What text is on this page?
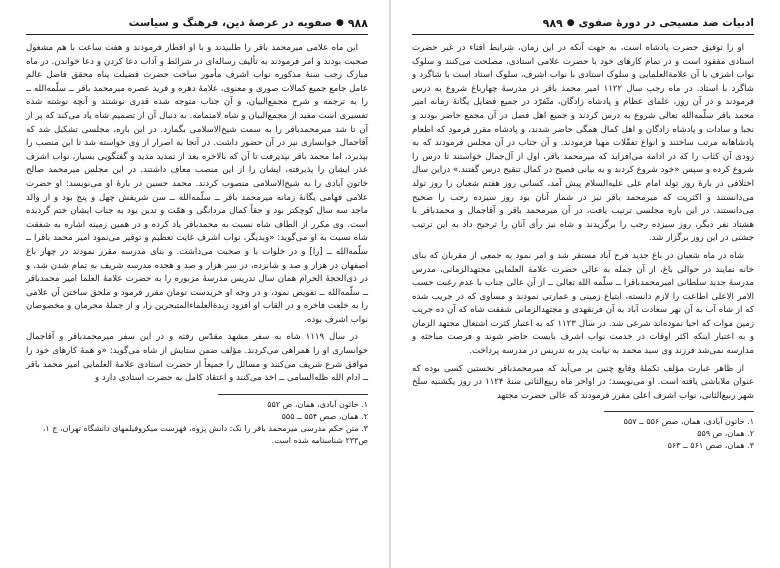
۹۸۸
●
صفویه در عرصهٔ دین، فرهنگ و سیاست

این ماه علامی میرمحمد باقر را طلبیدند و با او افطار فرمودند و هفت ساعت با هم مشغول صحبت بودند و امر فرمودند به تألیف رساله‌ای در شرائط و آداب دعا کردن و دعا خواندن. در ماه مبارک رجب سنهٔ مذکوره نواب اشرف مأمور ساخت حضرت فضیلت پناه محقق فاضل عالم عامل جامع جمیع کمالات صوری و معنوی، علامهٔ دهره و فرید عصره میرمحمد باقر ــ سلّمه‌الله ــ را به ترجمه و شرح مجمع‌البیان، و آن جناب متوجه شده قدری نوشتند و آنچه نوشته شده تفسیری است مفید از مجمع‌البیان و شاه لامتمامه. به دنبال آن از تصمیم شاه یاد می‌کند که پر از آن تا شد میرمحمدباقر را به سمت شیخ‌الاسلامی بگمارد. در این باره، مجلسی تشکیل شد که آقاجمال خوانساری نیز در آن حضور داشت. در آنجا به اصرار از وی خواسته شد تا این منصب را بپذیرد، اما محمد باقر نپذیرفت تا آن که بالاخره بعد از تمدید مدید و گفتگویی بسیار، نواب اشرف عذر ایشان را پذیرفته، ایشان را از این منصب معاف داشتند. در این مجلس میرمحمد صالح خاتون آبادی را به شیخ‌الاسلامی منصوب کردند. محمد حسین در بارهٔ او می‌نویسد: او حضرت علامی فهامی یگانهٔ زمانه میرمحمد باقر ــ سلّمه‌الله ــ سن شریفش چهل و پنج بود و از والد ماجد سه سال کوچکتر بود و حقاً کمال مردانگی و همّت و تدین بود به جناب ایشان ختم گردیده است. وی مکرر از الطاف شاه نسبت به محمدباقر یاد کرده و در همین زمینه اشاره به شفقت شاه نسبت به او می‌گوید: «وبدیگر، نواب اشرف غایت تعظیم و توقیر می‌نمود امیر محمد باقرا ــ سلّمه‌الله ــ [را] و در خلوات با و صحبت می‌داشت. و بنای مدرسه مقرر نمودند در چهار باغ اصفهان در هزار و صد و شانزده، در سر هزار و صد و هجده مدرسه شریف به تمام شدن شد، و در ذی‌الحجهٔ الحرام همان سال تدریس مدرسهٔ مزبوره را به حضرت علامهٔ العلما امیر محمدباقر ــ سلّمه‌الله ــ تفویض نمود، و در وجه او خریدست تومان مقرر فرمود و ملحق ساختن آن علامی را به خلعت فاخره و در القاب او افزود زبدةالعلماءالمتبحرین را، و از جملهٔ محرمان و مخصوصان نواب اشرف بوده.

در سال ۱۱۱۹ شاه به سفر مشهد مقدّس رفته و در این سفر میرمحمدباقر و آقاجمال خوانساری او را همراهی می‌کردند. مؤلف ضمن ستایش از شاه می‌گوید: «و همهٔ کارهای خود را موافق شرع شریف می‌کنند و مسائل را جمیعاً از حضرت استادی علامهٔ العلمایی امیر محمد باقر ــ ادام الله ظله‌السامی ــ اخذ می‌کنند و اعتقاد کامل به حضرت استادی دارد و

۱. خاتون آبادی، همان، ص ۵۵۲
۲. همان، صص ۵۵۴ ــ ۵۵۵
۳. متن حکم مدرسی میرمحمد باقر را نک: دانش پژوه، فهرست میکروفیلمهای دانشگاه تهران، ج ۱، ص۲۳۳ شناسنامه شده است.
ادبیات ضد مسیحی در دورهٔ صفوی
●
۹۸۹

او را توفیق حضرت پادشاه است، به جهت آنکه در این زمان، شرایط افتاء در غیر حضرت استادی مفقود است و در تمام کارهای خود با حضرت علامی استادی، مصلحت می‌کنند و سلوک نواب اشرف با آن علامة‌العلمایی و سلوک استادی با نواب اشرف، سلوک استاد است با شاگرد و شاگرد با استاد. در ماه رجب سال ۱۱۲۲ امیر محمد باقر در مدرسهٔ چهارباغ شروع به درس فرمودند و در آن روز، علمای عظام و پادشاه زادگان، متّفرّد در جمیع فضایل یگانهٔ زمانه امیر محمد باقر سلّمه‌الله تعالی شروع به درس کردند و جمیع اهل فضل در آن مجمع حاضر بودند و نجبا و سادات و پادشاه زادگان و اهل کمال همگی حاضر شدند، و پادشاه مقرر فرمود که اطعام پادشاهانه مرتب ساختند و انواع تفقّلات مهیا فرمودند. و آن جناب در آن مجلس فرمودند که به زودی آن کتاب را که در ادامه می‌افزاید که میرمحمد باقر، اول از آل‌جمال خواستند تا درس را شروع کرده و سپس «خود شروع کردند و به بیانی فصیح در کمال تنقیح درس گفتند.» دراین سال اختلافی در بارهٔ روز تولد امام علی علیه‌السلام پیش آمد، کسانی روز هفتم شعبان را روز تولد می‌دانستند و اکثریت که میرمحمد باقر نیز در شمار آنان بود روز سیزده رجب را صحیح می‌دانستند. در این باره مجلسی ترتیب یافت، در آن میرمحمد باقر و آقاجمال و محمدباقر با هشتاد نفر دیگر، روز سیزده رجب را برگزیدند و شاه نیز رأی آنان را ترجیح داد به این ترتیب جشنی در این روز برگزار شد.

شاه در ماه شعبان در باغ جدید فرح آباد مستقر شد و امر نمود به جمعی از مقربان که بنای خانه نمایند در حوالی باغ، از آن جمله به عالی حضرت علامة العلمایی مجتهدالزمانی، مدرس مدرسهٔ جدید سلطانی امیرمحمدباقرا ــ سلّمه الله تعالی ــ از آن عالی جناب با عدم رغبت حسب الامر الاعلی اطاعت را لازم دانسته، ابتیاع زمینی و عمارتی نمودند و مساوی که در جریب شده که از شاه آب به آن نهر سعادت آباد به آن فرنقهدی و مجتهدالزمانی شفقت شاه که آن ده جریب زمین موات که احیا نموده‌اند شرعی شد. در سال ۱۱۲۳ که به اعتبار کثرت اشتغال مجتهد الزمان و به اعتبار اینکه اکثر اوقات در خدمت نواب اشرف بایست حاضر شوند و فرصت مباحثه و مدارسه نمی‌شد فرزند وی سید محمد به نیابت پدر به تدریس در مدرسه پرداخت.

از ظاهر عبارت مؤلف تکملهٔ وقایع چنین بر می‌آید که میرمحمدباقر نخستین کسی بوده که عنوان ملاباشی یافته است. او می‌نویسد: در اواخر ماه ربیع‌الثانی سنهٔ ۱۱۲۴ در روز یکشنبه سلخ شهر ربیع‌الثانی، نواب اشرف اعلی مقرر فرمودند که عالی حضرت مجتهد

۱. خاتون آبادی، همان، صص ۵۵۶ ــ ۵۵۷
۲. همان، ص ۵۵۹
۳. همان، صص ۵۶۱ ــ ۵۶۳
